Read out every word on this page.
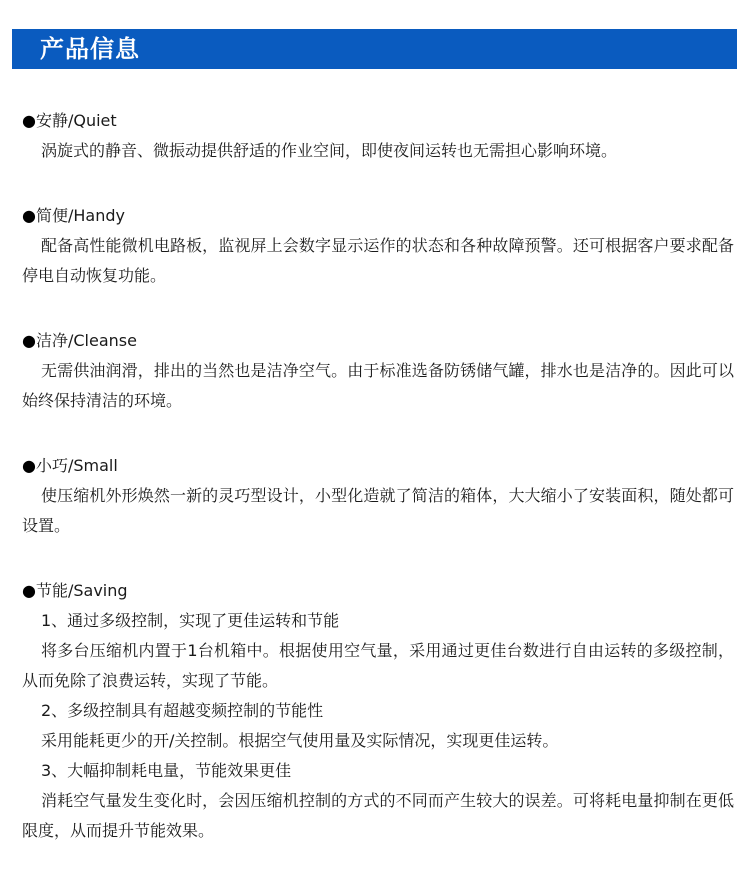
产品信息
●安静/Quiet

涡旋式的静音、微振动提供舒适的作业空间，即使夜间运转也无需担心影响环境。

●简便/Handy

配备高性能微机电路板，监视屏上会数字显示运作的状态和各种故障预警。还可根据客户要求配备停电自动恢复功能。

●洁净/Cleanse

无需供油润滑，排出的当然也是洁净空气。由于标准选备防锈储气罐，排水也是洁净的。因此可以始终保持清洁的环境。

●小巧/Small

使压缩机外形焕然一新的灵巧型设计，小型化造就了简洁的箱体，大大缩小了安装面积，随处都可设置。

●节能/Saving

1、通过多级控制，实现了更佳运转和节能

将多台压缩机内置于1台机箱中。根据使用空气量，采用通过更佳台数进行自由运转的多级控制，从而免除了浪费运转，实现了节能。

2、多级控制具有超越变频控制的节能性

采用能耗更少的开/关控制。根据空气使用量及实际情况，实现更佳运转。

3、大幅抑制耗电量，节能效果更佳

消耗空气量发生变化时，会因压缩机控制的方式的不同而产生较大的误差。可将耗电量抑制在更低限度，从而提升节能效果。
